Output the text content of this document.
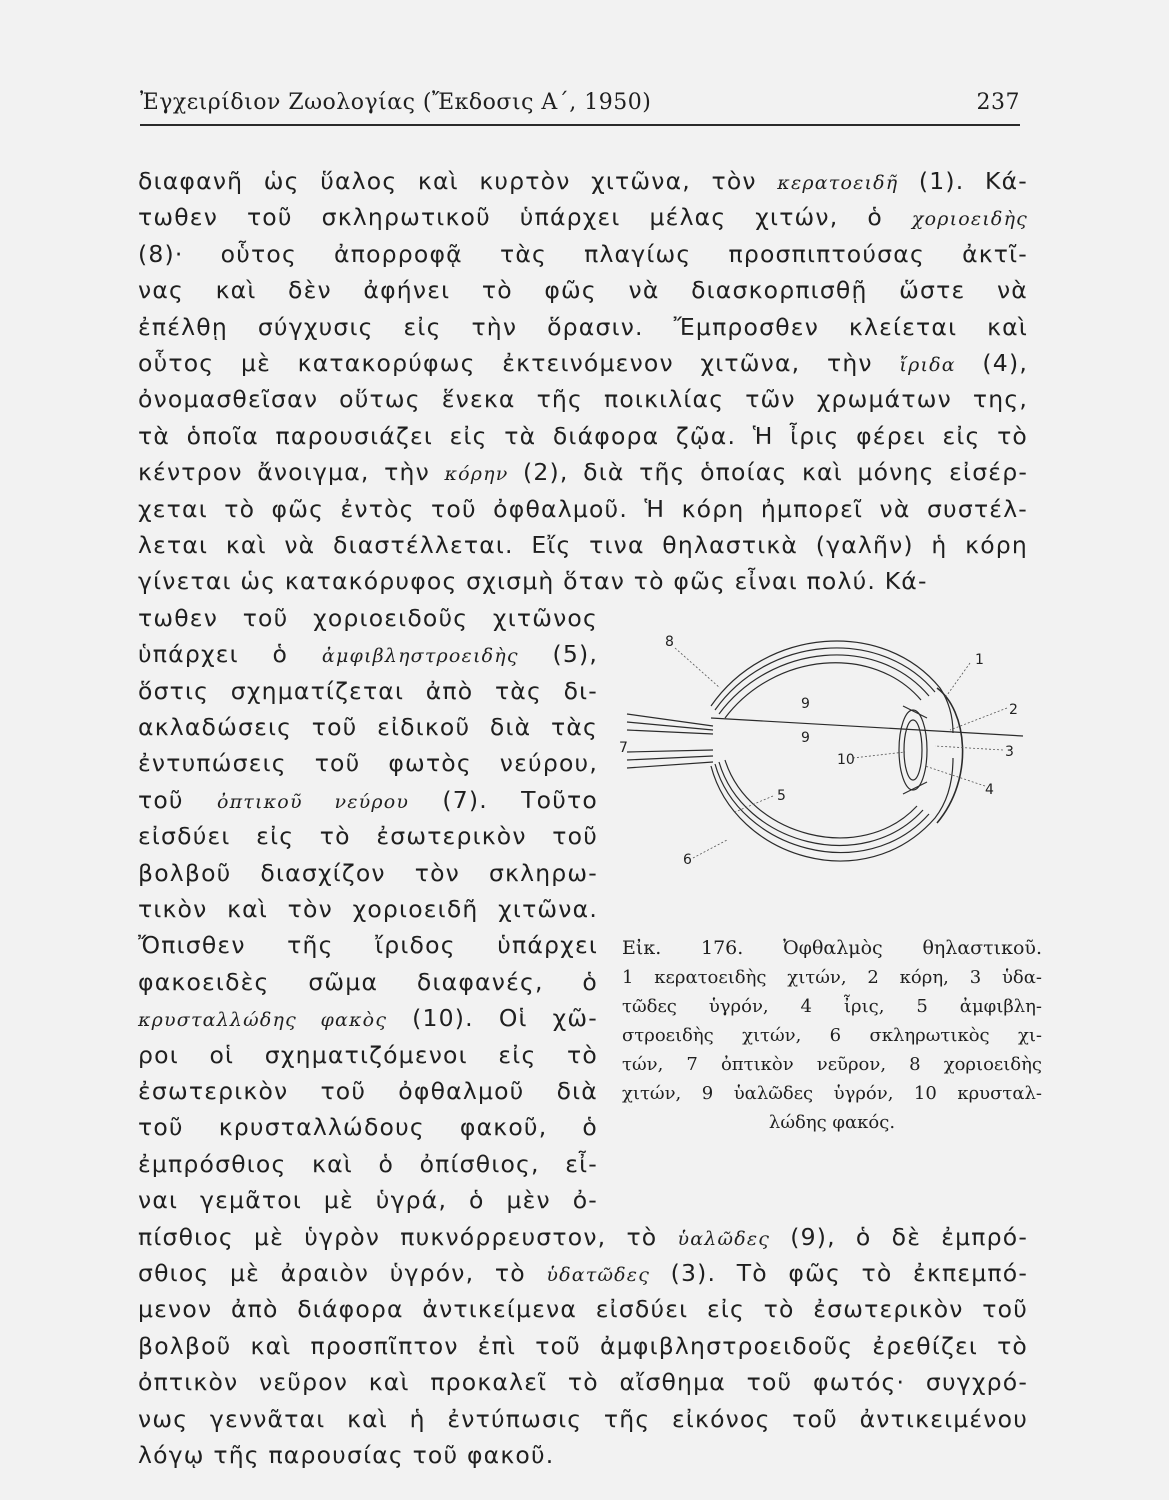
Ἐγχειρίδιον Ζωολογίας (Ἔκδοσις Α΄, 1950)	237
διαφανῆ ὡς ὕαλος καὶ κυρτὸν χιτῶνα, τὸν κερατοειδῆ (1). Κά-
τωθεν τοῦ σκληρωτικοῦ ὑπάρχει μέλας χιτών, ὁ χοριοειδὴς
(8)· οὗτος ἀπορροφᾷ τὰς πλαγίως προσπιπτούσας ἀκτῖ-
νας καὶ δὲν ἀφήνει τὸ φῶς νὰ διασκορπισθῇ ὥστε νὰ
ἐπέλθῃ σύγχυσις εἰς τὴν ὅρασιν. Ἔμπροσθεν κλείεται καὶ
οὗτος μὲ κατακορύφως ἐκτεινόμενον χιτῶνα, τὴν ἴριδα (4),
ὀνομασθεῖσαν οὕτως ἕνεκα τῆς ποικιλίας τῶν χρωμάτων της,
τὰ ὁποῖα παρουσιάζει εἰς τὰ διάφορα ζῷα. Ἡ ἶρις φέρει εἰς τὸ
κέντρον ἄνοιγμα, τὴν κόρην (2), διὰ τῆς ὁποίας καὶ μόνης εἰσέρ-
χεται τὸ φῶς ἐντὸς τοῦ ὀφθαλμοῦ. Ἡ κόρη ἠμπορεῖ νὰ συστέλ-
λεται καὶ νὰ διαστέλλεται. Εἴς τινα θηλαστικὰ (γαλῆν) ἡ κόρη
γίνεται ὡς κατακόρυφος σχισμὴ ὅταν τὸ φῶς εἶναι πολύ. Κά-
τωθεν τοῦ χοριοειδοῦς χιτῶνος
ὑπάρχει ὁ ἀμφιβληστροειδὴς (5),
ὅστις σχηματίζεται ἀπὸ τὰς δι-
ακλαδώσεις τοῦ εἰδικοῦ διὰ τὰς
ἐντυπώσεις τοῦ φωτὸς νεύρου,
τοῦ ὀπτικοῦ νεύρου (7). Τοῦτο
εἰσδύει εἰς τὸ ἐσωτερικὸν τοῦ
βολβοῦ διασχίζον τὸν σκληρω-
τικὸν καὶ τὸν χοριοειδῆ χιτῶνα.
Ὄπισθεν τῆς ἴριδος ὑπάρχει
φακοειδὲς σῶμα διαφανές, ὁ
κρυσταλλώδης φακὸς (10). Οἱ χῶ-
ροι οἱ σχηματιζόμενοι εἰς τὸ
ἐσωτερικὸν τοῦ ὀφθαλμοῦ διὰ
τοῦ κρυσταλλώδους φακοῦ, ὁ
ἐμπρόσθιος καὶ ὁ ὀπίσθιος, εἶ-
ναι γεμᾶτοι μὲ ὑγρά, ὁ μὲν ὀ-
πίσθιος μὲ ὑγρὸν πυκνόρρευστον, τὸ ὑαλῶδες (9), ὁ δὲ ἐμπρό-
σθιος μὲ ἀραιὸν ὑγρόν, τὸ ὑδατῶδες (3). Τὸ φῶς τὸ ἐκπεμπό-
μενον ἀπὸ διάφορα ἀντικείμενα εἰσδύει εἰς τὸ ἐσωτερικὸν τοῦ
βολβοῦ καὶ προσπῖπτον ἐπὶ τοῦ ἀμφιβληστροειδοῦς ἐρεθίζει τὸ
ὀπτικὸν νεῦρον καὶ προκαλεῖ τὸ αἴσθημα τοῦ φωτός· συγχρό-
νως γεννᾶται καὶ ἡ ἐντύπωσις τῆς εἰκόνος τοῦ ἀντικειμένου
λόγῳ τῆς παρουσίας τοῦ φακοῦ.
1
2
3
4
5
6
7
8
9
9
10
Εἰκ. 176. Ὀφθαλμὸς θηλαστικοῦ.
1 κερατοειδὴς χιτών, 2 κόρη, 3 ὑδα-
τῶδες ὑγρόν, 4 ἶρις, 5 ἀμφιβλη-
στροειδὴς χιτών, 6 σκληρωτικὸς χι-
τών, 7 ὀπτικὸν νεῦρον, 8 χοριοειδὴς
χιτών, 9 ὑαλῶδες ὑγρόν, 10 κρυσταλ-
λώδης φακός.
